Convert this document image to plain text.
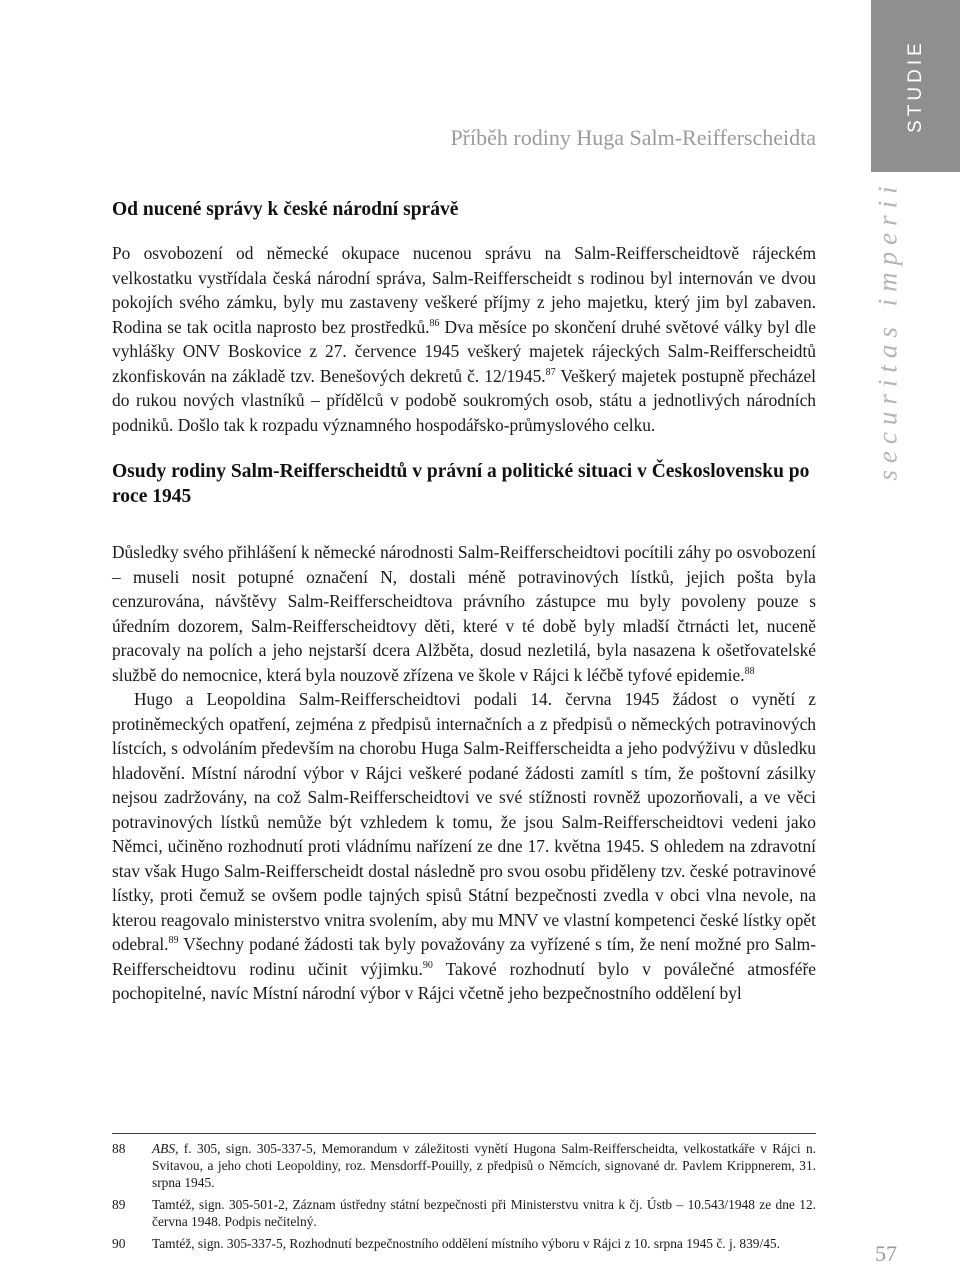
STUDIE
securitas imperii
Příběh rodiny Huga Salm-Reifferscheidta
Od nucené správy k české národní správě

Po osvobození od německé okupace nucenou správu na Salm-Reifferscheidtově rájeckém velkostatku vystřídala česká národní správa, Salm-Reifferscheidt s rodinou byl internován ve dvou pokojích svého zámku, byly mu zastaveny veškeré příjmy z jeho majetku, který jim byl zabaven. Rodina se tak ocitla naprosto bez prostředků.$^{86}$ Dva měsíce po skončení druhé světové války byl dle vyhlášky ONV Boskovice z 27. července 1945 veškerý majetek rájeckých Salm-Reifferscheidtů zkonfiskován na základě tzv. Benešových dekretů č. 12/1945.87 Veškerý majetek postupně přecházel do rukou nových vlastníků – přídělců v podobě soukromých osob, státu a jednotlivých národních podniků. Došlo tak k rozpadu významného hospodářsko-průmyslového celku.

Osudy rodiny Salm-Reifferscheidtů v právní a politické situaci v Československu po roce 1945

Důsledky svého přihlášení k německé národnosti Salm-Reifferscheidtovi pocítili záhy po osvobození – museli nosit potupné označení N, dostali méně potravinových lístků, jejich pošta byla cenzurována, návštěvy Salm-Reifferscheidtova právního zástupce mu byly povoleny pouze s úředním dozorem, Salm-Reifferscheidtovy děti, které v té době byly mladší čtrnácti let, nuceně pracovaly na polích a jeho nejstarší dcera Alžběta, dosud nezletilá, byla nasazena k ošetřovatelské službě do nemocnice, která byla nouzově zřízena ve škole v Rájci k léčbě tyfové epidemie.$^{88}$

Hugo a Leopoldina Salm-Reifferscheidtovi podali 14. června 1945 žádost o vynětí z protiněmeckých opatření, zejména z předpisů internačních a z předpisů o německých potravinových lístcích, s odvoláním především na chorobu Huga Salm-Reifferscheidta a jeho podvýživu v důsledku hladovění. Místní národní výbor v Rájci veškeré podané žádosti zamítl s tím, že poštovní zásilky nejsou zadržovány, na což Salm-Reifferscheidtovi ve své stížnosti rovněž upozorňovali, a ve věci potravinových lístků nemůže být vzhledem k tomu, že jsou Salm-Reifferscheidtovi vedeni jako Němci, učiněno rozhodnutí proti vládnímu nařízení ze dne 17. května 1945. S ohledem na zdravotní stav však Hugo Salm-Reifferscheidt dostal následně pro svou osobu přiděleny tzv. české potravinové lístky, proti čemuž se ovšem podle tajných spisů Státní bezpečnosti zvedla v obci vlna nevole, na kterou reagovalo ministerstvo vnitra svolením, aby mu MNV ve vlastní kompetenci české lístky opět odebral.$^{89}$ Všechny podané žádosti tak byly považovány za vyřízené s tím, že není možné pro Salm-Reifferscheidtovu rodinu učinit výjimku.$^{90}$ Takové rozhodnutí bylo v poválečné atmosféře pochopitelné, navíc Místní národní výbor v Rájci včetně jeho bezpečnostního oddělení byl

88 ABS, f. 305, sign. 305-337-5, Memorandum v záležitosti vynětí Hugona Salm-Reifferscheidta, velkostatkáře v Rájci n. Svitavou, a jeho choti Leopoldiny, roz. Mensdorff-Pouilly, z předpisů o Němcích, signované dr. Pavlem Krippnerem, 31. srpna 1945.
89 Tamtéž, sign. 305-501-2, Záznam ústředny státní bezpečnosti při Ministerstvu vnitra k čj. Ústb – 10.543/1948 ze dne 12. června 1948. Podpis nečitelný.
90 Tamtéž, sign. 305-337-5, Rozhodnutí bezpečnostního oddělení místního výboru v Rájci z 10. srpna 1945 č. j. 839/45.	57
